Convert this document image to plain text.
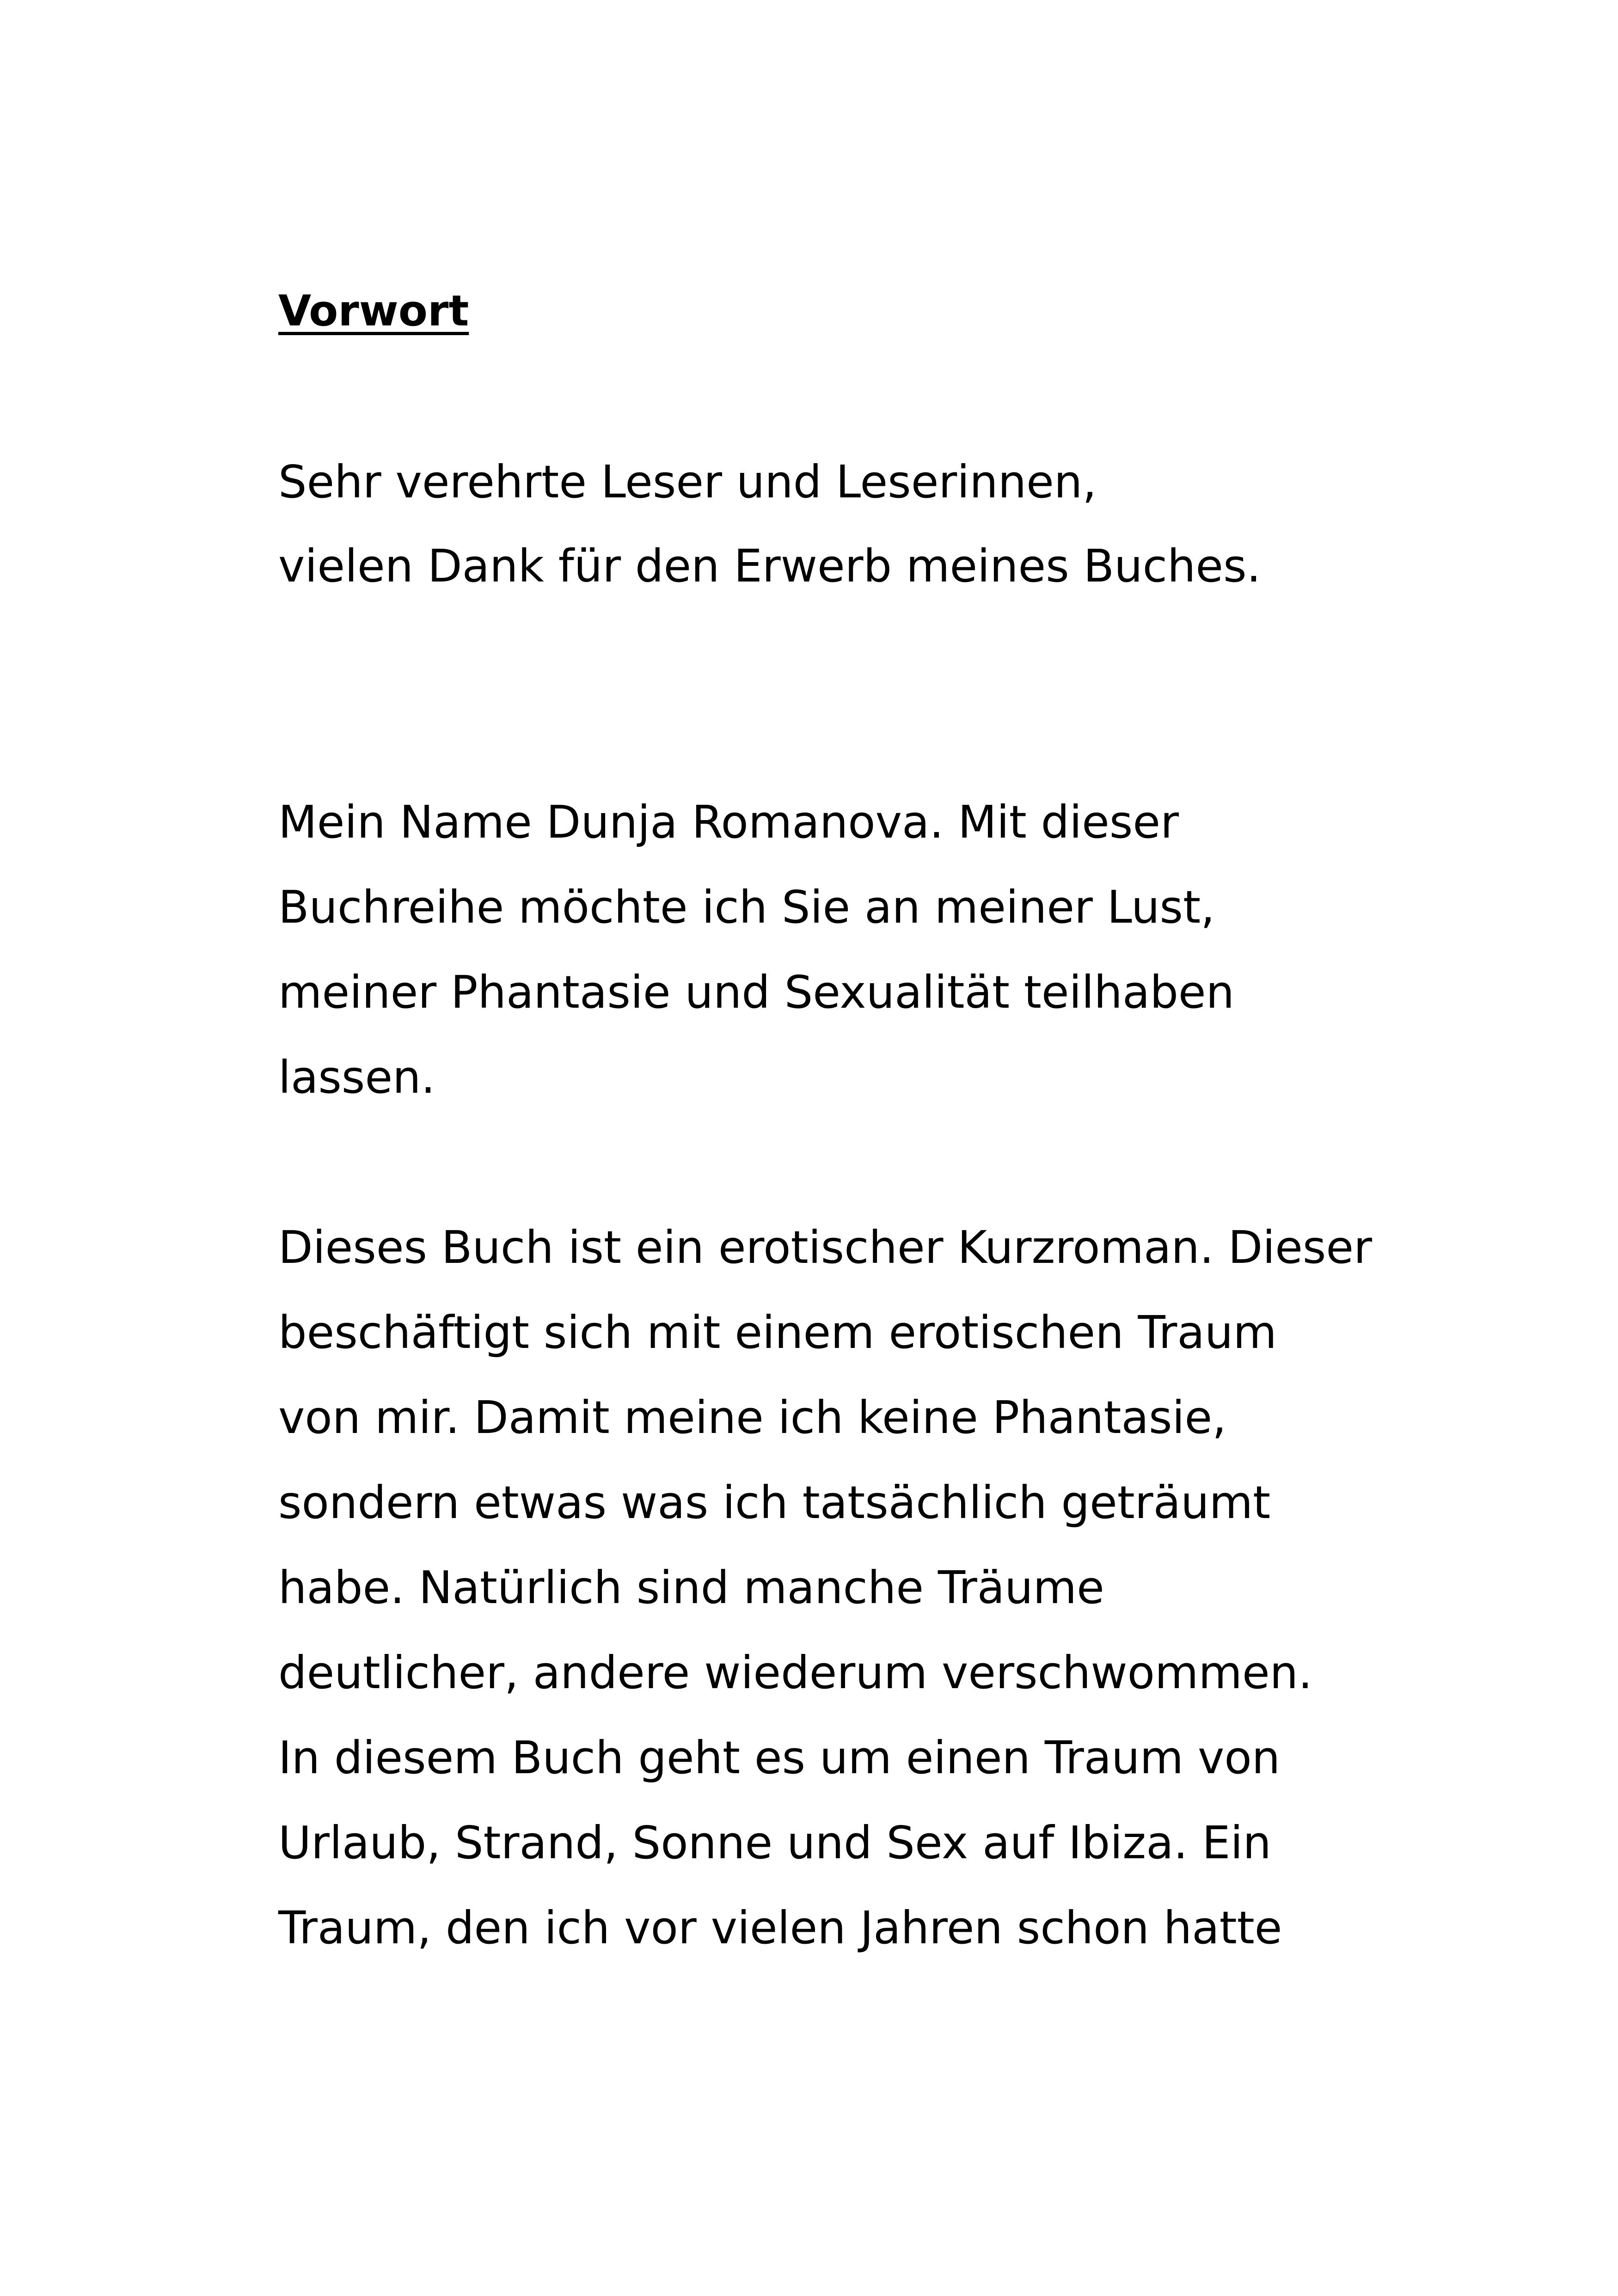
Vorwort

Sehr verehrte Leser und Leserinnen,

vielen Dank für den Erwerb meines Buches.

Mein Name Dunja Romanova. Mit dieser

Buchreihe möchte ich Sie an meiner Lust,

meiner Phantasie und Sexualität teilhaben

lassen.

Dieses Buch ist ein erotischer Kurzroman. Dieser

beschäftigt sich mit einem erotischen Traum

von mir. Damit meine ich keine Phantasie,

sondern etwas was ich tatsächlich geträumt

habe. Natürlich sind manche Träume

deutlicher, andere wiederum verschwommen.

In diesem Buch geht es um einen Traum von

Urlaub, Strand, Sonne und Sex auf Ibiza. Ein

Traum, den ich vor vielen Jahren schon hatte
